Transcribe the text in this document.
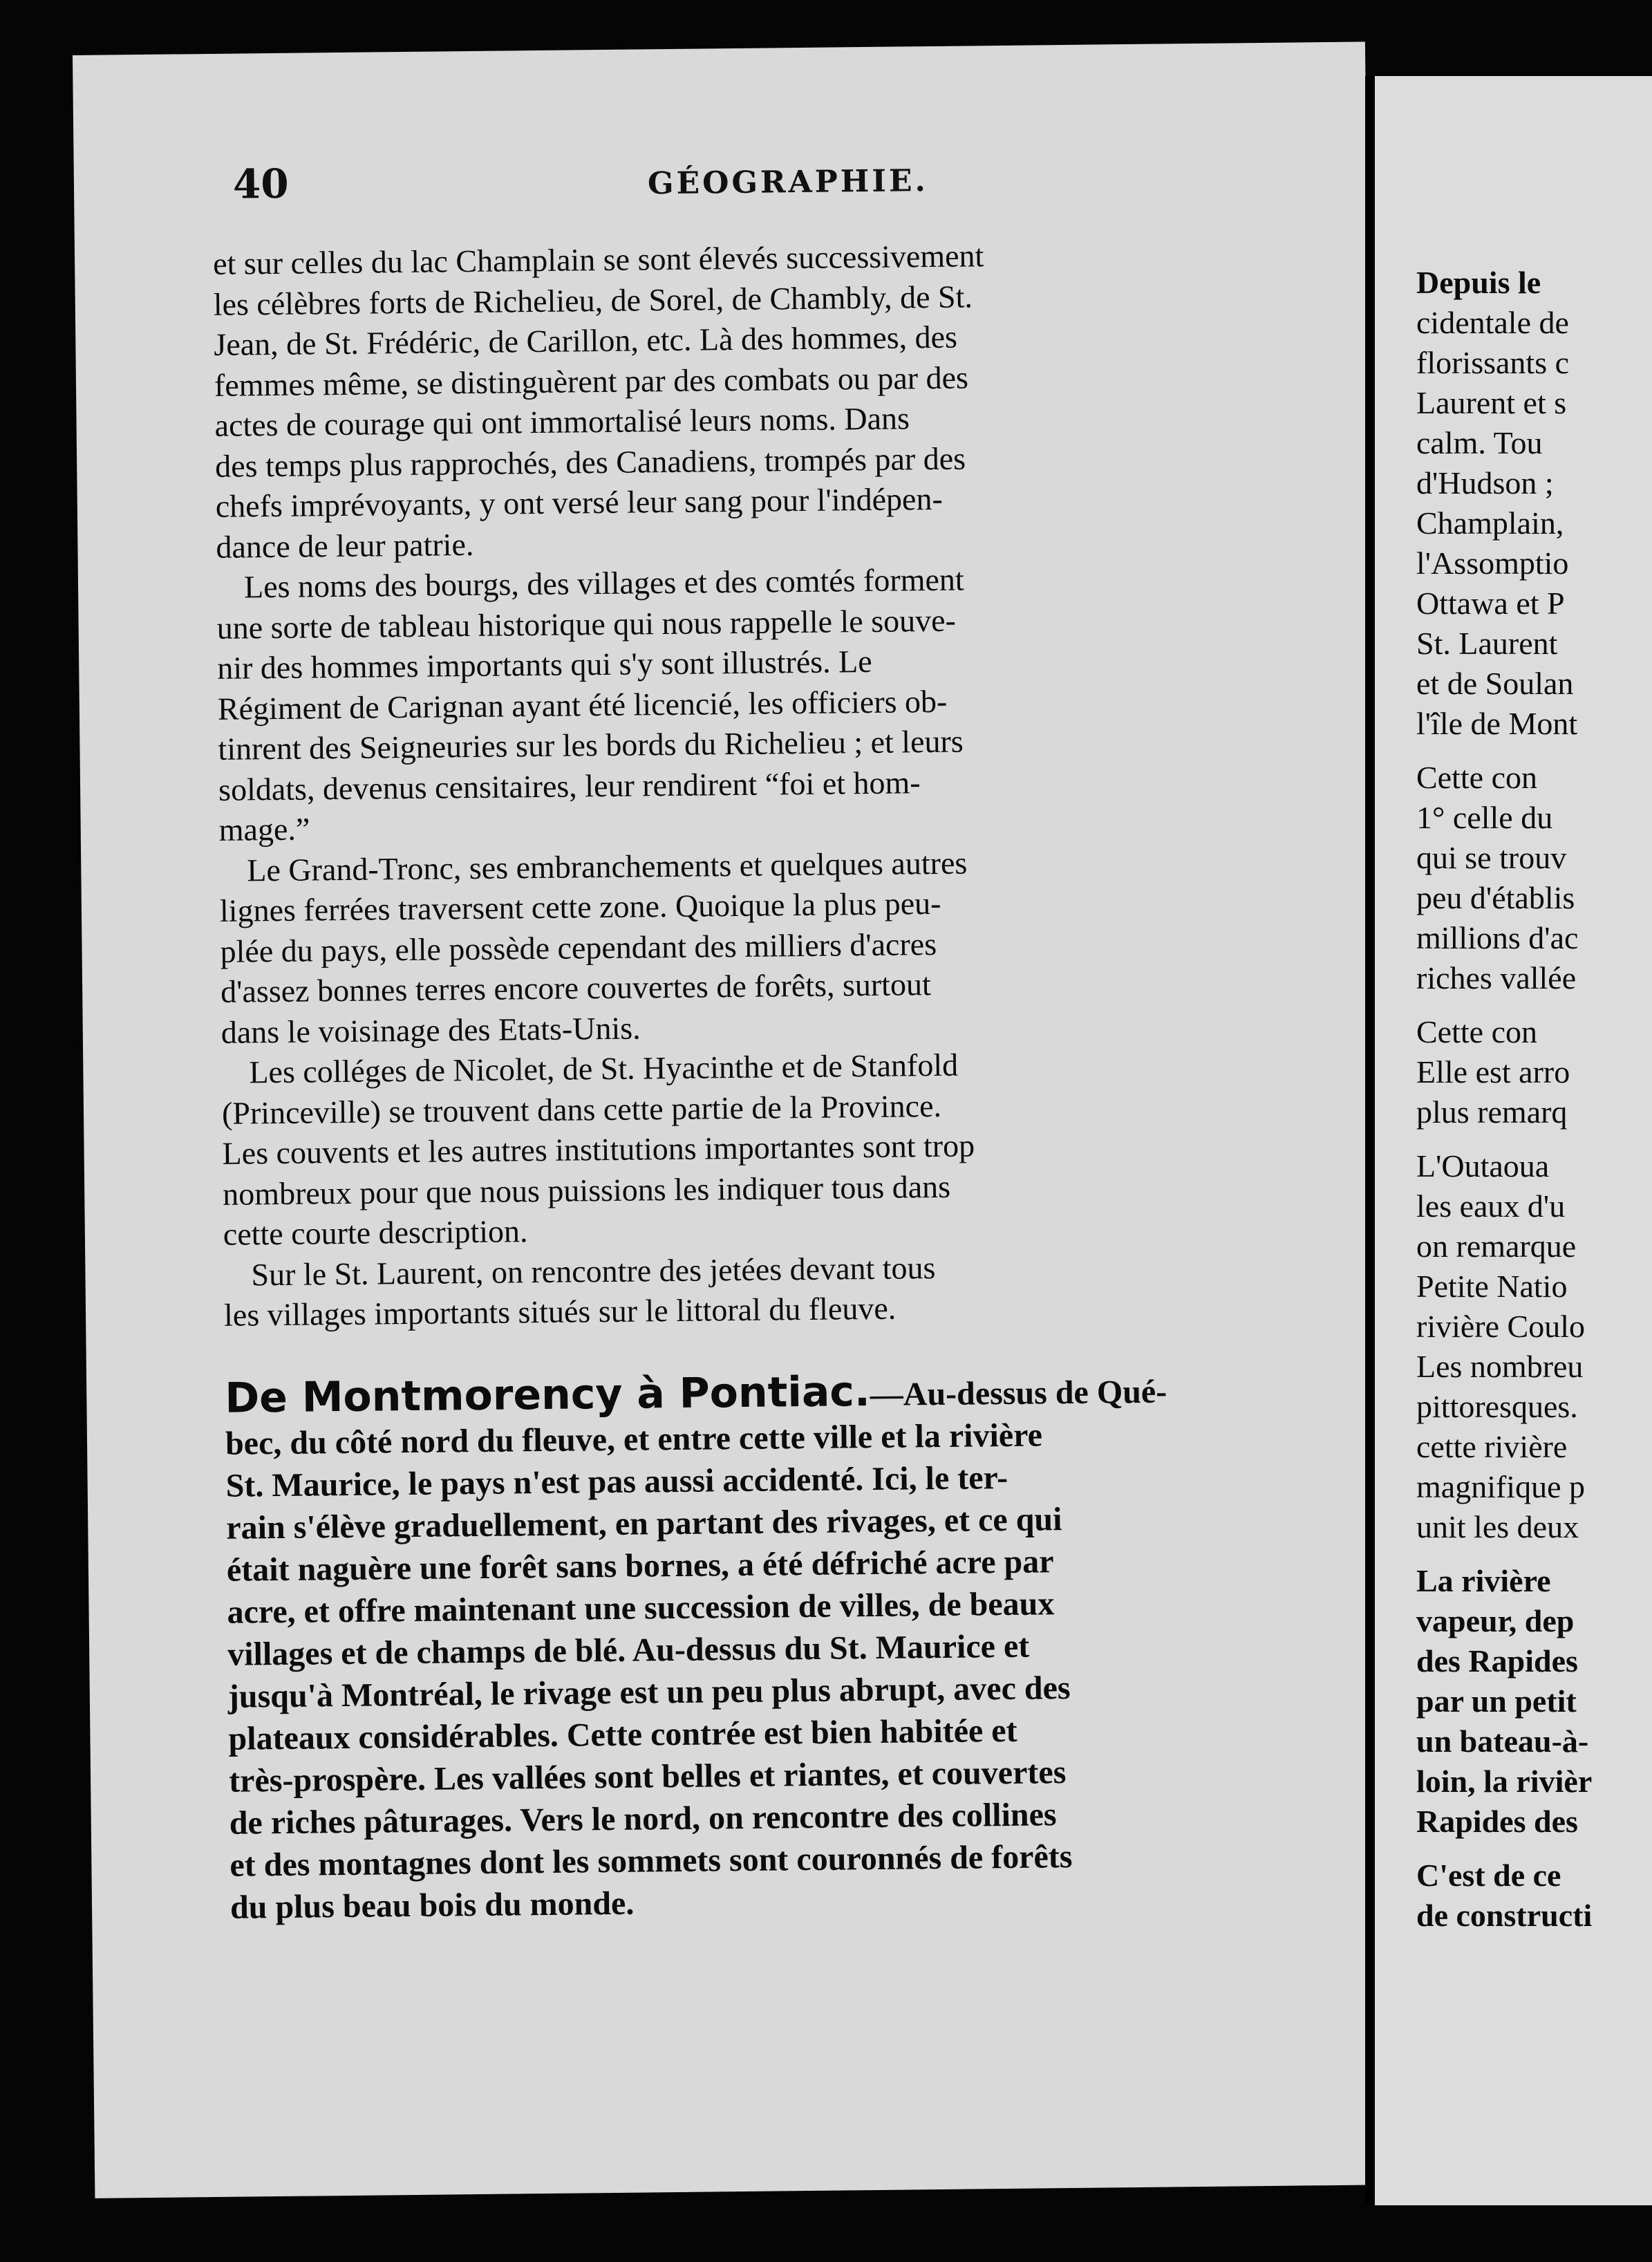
40	GÉOGRAPHIE.
et sur celles du lac Champlain se sont élevés successivement
les célèbres forts de Richelieu, de Sorel, de Chambly, de St.
Jean, de St. Frédéric, de Carillon, etc. Là des hommes, des
femmes même, se distinguèrent par des combats ou par des
actes de courage qui ont immortalisé leurs noms. Dans
des temps plus rapprochés, des Canadiens, trompés par des
chefs imprévoyants, y ont versé leur sang pour l'indépen-
dance de leur patrie.
Les noms des bourgs, des villages et des comtés forment
une sorte de tableau historique qui nous rappelle le souve-
nir des hommes importants qui s'y sont illustrés. Le
Régiment de Carignan ayant été licencié, les officiers ob-
tinrent des Seigneuries sur les bords du Richelieu ; et leurs
soldats, devenus censitaires, leur rendirent “foi et hom-
mage.”
Le Grand-Tronc, ses embranchements et quelques autres
lignes ferrées traversent cette zone. Quoique la plus peu-
plée du pays, elle possède cependant des milliers d'acres
d'assez bonnes terres encore couvertes de forêts, surtout
dans le voisinage des Etats-Unis.
Les colléges de Nicolet, de St. Hyacinthe et de Stanfold
(Princeville) se trouvent dans cette partie de la Province.
Les couvents et les autres institutions importantes sont trop
nombreux pour que nous puissions les indiquer tous dans
cette courte description.
Sur le St. Laurent, on rencontre des jetées devant tous
les villages importants situés sur le littoral du fleuve.
De Montmorency à Pontiac.—Au-dessus de Qué-
bec, du côté nord du fleuve, et entre cette ville et la rivière
St. Maurice, le pays n'est pas aussi accidenté. Ici, le ter-
rain s'élève graduellement, en partant des rivages, et ce qui
était naguère une forêt sans bornes, a été défriché acre par
acre, et offre maintenant une succession de villes, de beaux
villages et de champs de blé. Au-dessus du St. Maurice et
jusqu'à Montréal, le rivage est un peu plus abrupt, avec des
plateaux considérables. Cette contrée est bien habitée et
très-prospère. Les vallées sont belles et riantes, et couvertes
de riches pâturages. Vers le nord, on rencontre des collines
et des montagnes dont les sommets sont couronnés de forêts
du plus beau bois du monde.
Depuis le
cidentale de
florissants c
Laurent et s
calm. Tou
d'Hudson ;
Champlain,
l'Assomptio
Ottawa et P
St. Laurent
et de Soulan
l'île de Mont
Cette con
1° celle du
qui se trouv
peu d'établis
millions d'ac
riches vallée
Cette con
Elle est arro
plus remarq
L'Outaoua
les eaux d'u
on remarque
Petite Natio
rivière Coulo
Les nombreu
pittoresques.
cette rivière
magnifique p
unit les deux
La rivière
vapeur, dep
des Rapides
par un petit
un bateau-à-
loin, la rivièr
Rapides des
C'est de ce
de constructi
